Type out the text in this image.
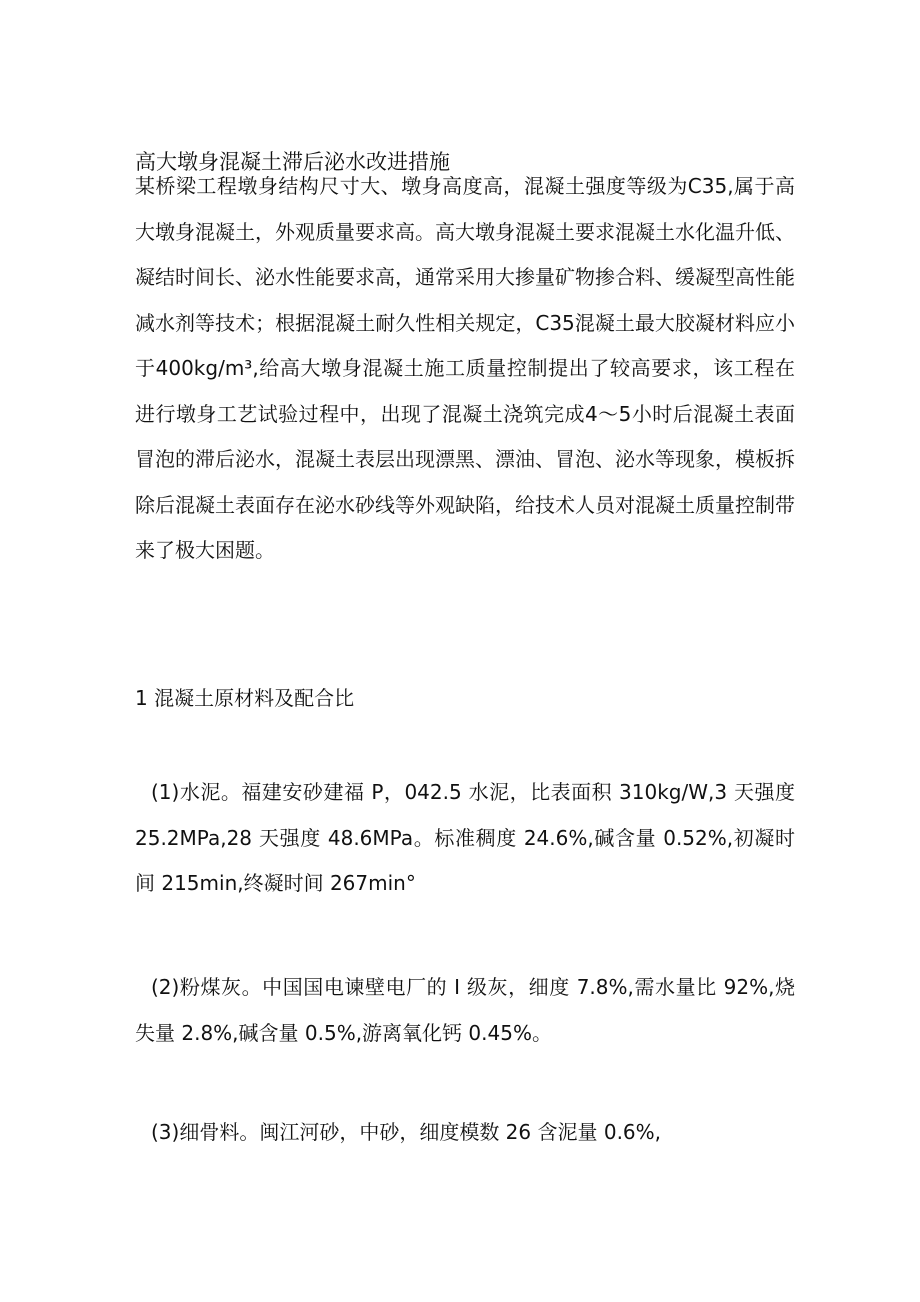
高大墩身混凝土滞后泌水改进措施

某桥梁工程墩身结构尺寸大、墩身高度高，混凝土强度等级为C35,属于高大墩身混凝土，外观质量要求高。高大墩身混凝土要求混凝土水化温升低、凝结时间长、泌水性能要求高，通常采用大掺量矿物掺合料、缓凝型高性能减水剂等技术；根据混凝土耐久性相关规定，C35混凝土最大胶凝材料应小于400kg/m³,给高大墩身混凝土施工质量控制提出了较高要求，该工程在进行墩身工艺试验过程中，出现了混凝土浇筑完成4～5小时后混凝土表面冒泡的滞后泌水，混凝土表层出现漂黑、漂油、冒泡、泌水等现象，模板拆除后混凝土表面存在泌水砂线等外观缺陷，给技术人员对混凝土质量控制带来了极大困题。

1 混凝土原材料及配合比

(1)水泥。福建安砂建福 P，042.5 水泥，比表面积 310kg/W,3 天强度 25.2MPa,28 天强度 48.6MPa。标准稠度 24.6%,碱含量 0.52%,初凝时间 215min,终凝时间 267min°

(2)粉煤灰。中国国电谏壁电厂的 I 级灰，细度 7.8%,需水量比 92%,烧失量 2.8%,碱含量 0.5%,游离氧化钙 0.45%。

(3)细骨料。闽江河砂，中砂，细度模数 26 含泥量 0.6%,
